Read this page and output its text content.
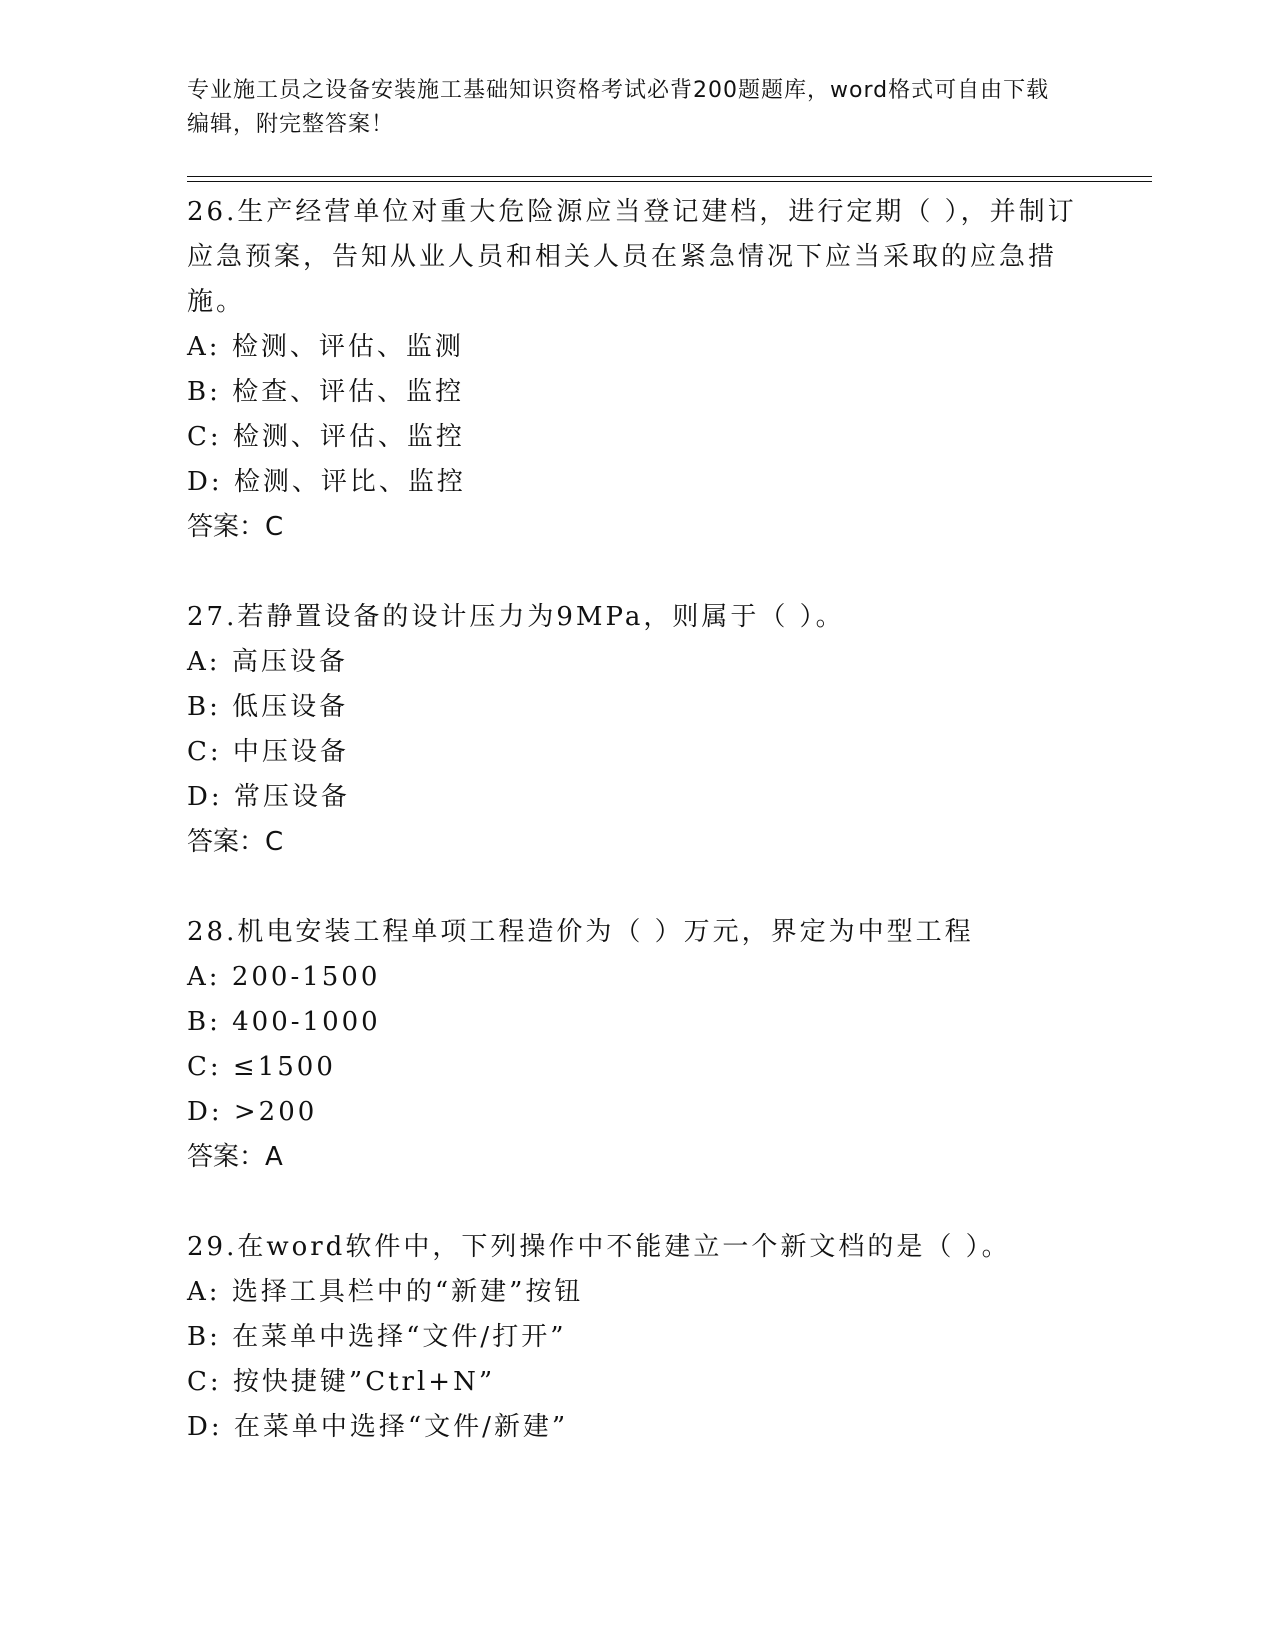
专业施工员之设备安装施工基础知识资格考试必背200题题库，word格式可自由下载编辑，附完整答案！

26.生产经营单位对重大危险源应当登记建档，进行定期（ ），并制订应急预案，告知从业人员和相关人员在紧急情况下应当采取的应急措施。

A: 检测、评估、监测

B: 检查、评估、监控

C: 检测、评估、监控

D: 检测、评比、监控

答案：C

27.若静置设备的设计压力为9MPa，则属于（ ）。

A: 高压设备

B: 低压设备

C: 中压设备

D: 常压设备

答案：C

28.机电安装工程单项工程造价为（ ）万元，界定为中型工程

A: 200-1500

B: 400-1000

C: ≤1500

D: >200

答案：A

29.在word软件中，下列操作中不能建立一个新文档的是（ ）。

A: 选择工具栏中的“新建”按钮

B: 在菜单中选择“文件/打开”

C: 按快捷键”Ctrl+N”

D: 在菜单中选择“文件/新建”
